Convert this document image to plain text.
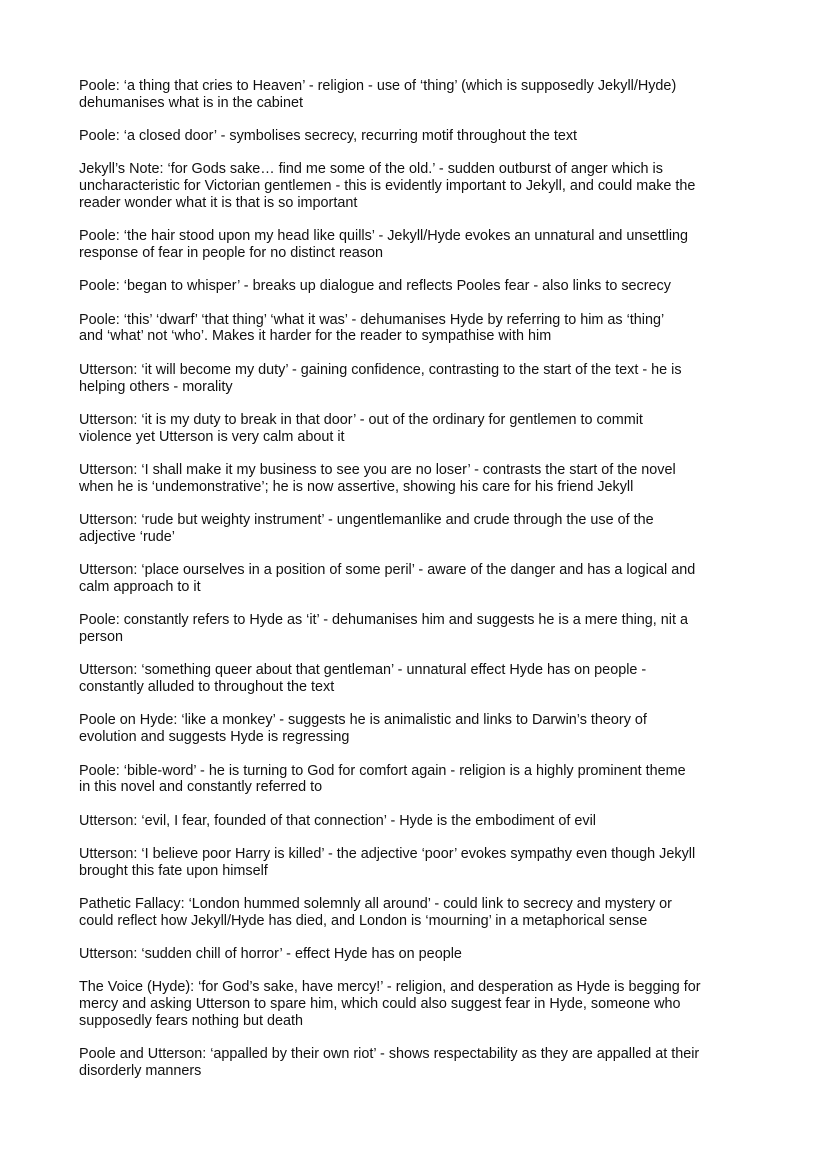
Poole: ‘a thing that cries to Heaven’ - religion - use of ‘thing’ (which is supposedly Jekyll/Hyde)
dehumanises what is in the cabinet
Poole: ‘a closed door’ - symbolises secrecy, recurring motif throughout the text
Jekyll’s Note: ‘for Gods sake… find me some of the old.’ - sudden outburst of anger which is
uncharacteristic for Victorian gentlemen - this is evidently important to Jekyll, and could make the
reader wonder what it is that is so important
Poole: ‘the hair stood upon my head like quills’ - Jekyll/Hyde evokes an unnatural and unsettling
response of fear in people for no distinct reason
Poole: ‘began to whisper’ - breaks up dialogue and reflects Pooles fear - also links to secrecy
Poole: ‘this’ ‘dwarf’ ‘that thing’ ‘what it was’ - dehumanises Hyde by referring to him as ‘thing’
and ‘what’ not ‘who’. Makes it harder for the reader to sympathise with him
Utterson: ‘it will become my duty’ - gaining confidence, contrasting to the start of the text - he is
helping others - morality
Utterson: ‘it is my duty to break in that door’ - out of the ordinary for gentlemen to commit
violence yet Utterson is very calm about it
Utterson: ‘I shall make it my business to see you are no loser’ - contrasts the start of the novel
when he is ‘undemonstrative’; he is now assertive, showing his care for his friend Jekyll
Utterson: ‘rude but weighty instrument’ - ungentlemanlike and crude through the use of the
adjective ‘rude’
Utterson: ‘place ourselves in a position of some peril’ - aware of the danger and has a logical and
calm approach to it
Poole: constantly refers to Hyde as ‘it’ - dehumanises him and suggests he is a mere thing, nit a
person
Utterson: ‘something queer about that gentleman’ - unnatural effect Hyde has on people -
constantly alluded to throughout the text
Poole on Hyde: ‘like a monkey’ - suggests he is animalistic and links to Darwin’s theory of
evolution and suggests Hyde is regressing
Poole: ‘bible-word’ - he is turning to God for comfort again - religion is a highly prominent theme
in this novel and constantly referred to
Utterson: ‘evil, I fear, founded of that connection’ - Hyde is the embodiment of evil
Utterson: ‘I believe poor Harry is killed’ - the adjective ‘poor’ evokes sympathy even though Jekyll
brought this fate upon himself
Pathetic Fallacy: ‘London hummed solemnly all around’ - could link to secrecy and mystery or
could reflect how Jekyll/Hyde has died, and London is ‘mourning’ in a metaphorical sense
Utterson: ‘sudden chill of horror’ - effect Hyde has on people
The Voice (Hyde): ‘for God’s sake, have mercy!’ - religion, and desperation as Hyde is begging for
mercy and asking Utterson to spare him, which could also suggest fear in Hyde, someone who
supposedly fears nothing but death
Poole and Utterson: ‘appalled by their own riot’ - shows respectability as they are appalled at their
disorderly manners
